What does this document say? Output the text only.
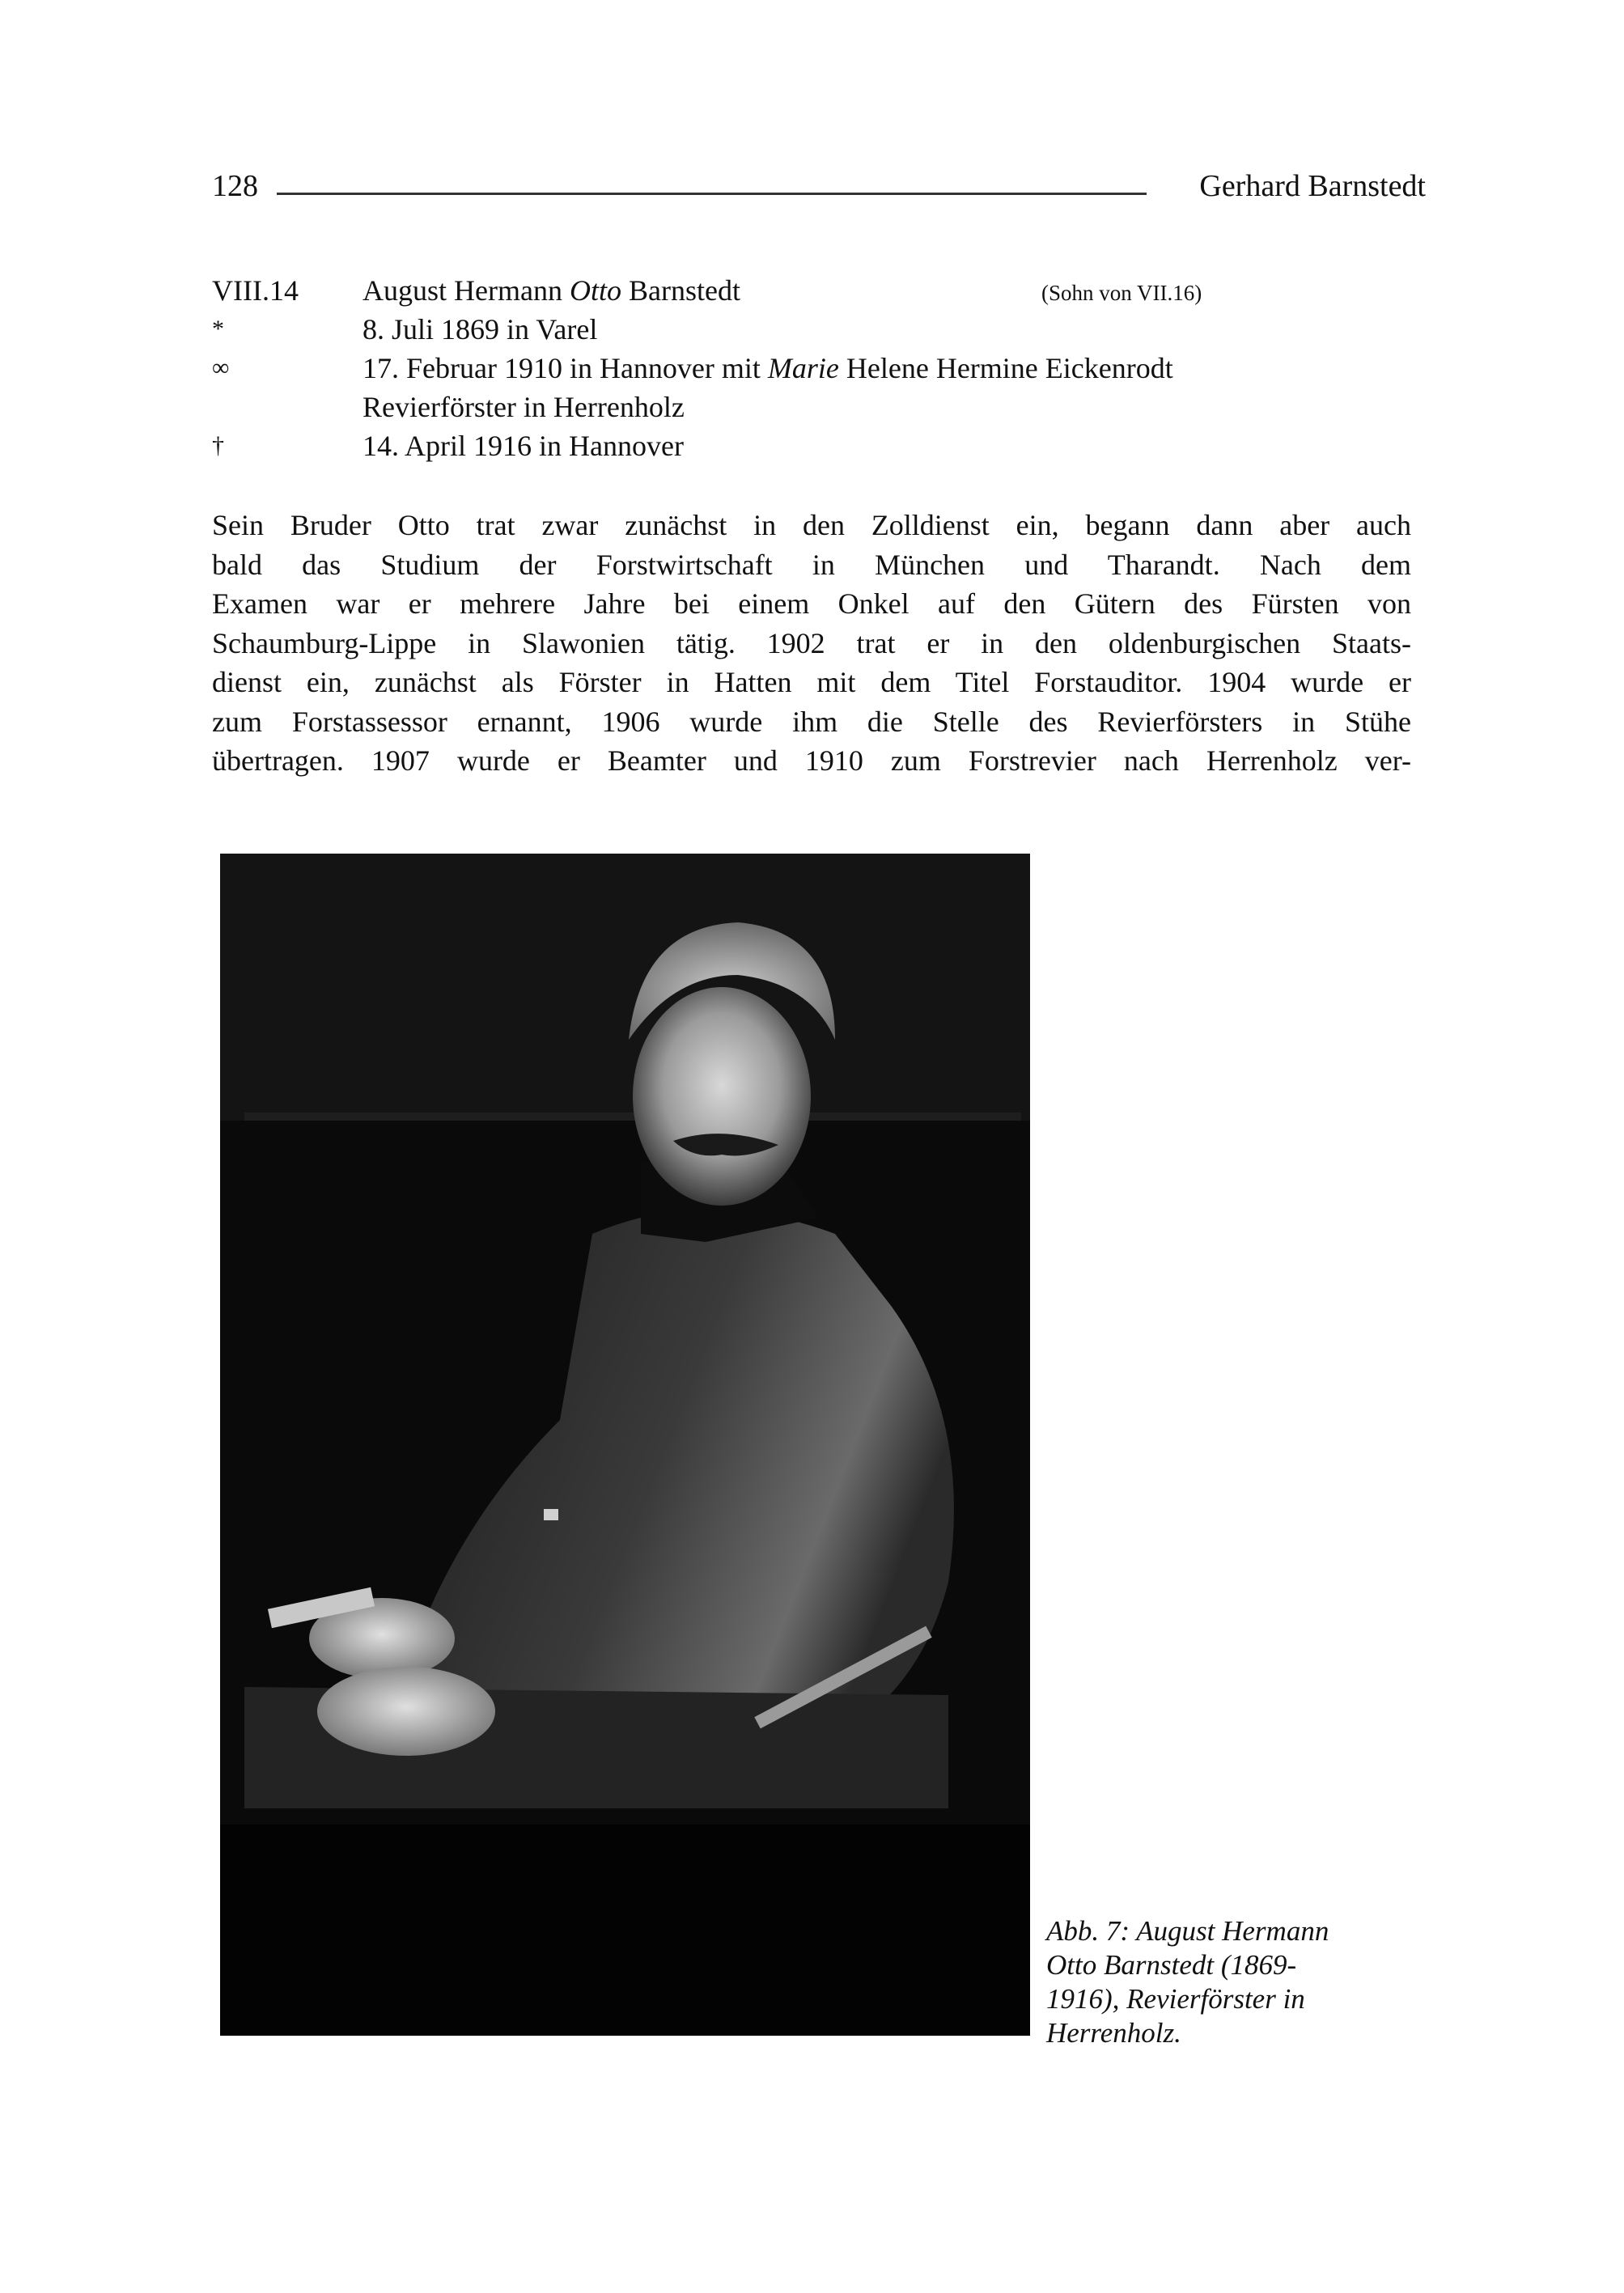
128	Gerhard Barnstedt
VIII.14 August Hermann Otto Barnstedt	(Sohn von VII.16)
*	8. Juli 1869 in Varel
∞	17. Februar 1910 in Hannover mit Marie Helene Hermine Eickenrodt
Revierförster in Herrenholz
†	14. April 1916 in Hannover
Sein Bruder Otto trat zwar zunächst in den Zolldienst ein, begann dann aber auch
bald das Studium der Forstwirtschaft in München und Tharandt. Nach dem
Examen war er mehrere Jahre bei einem Onkel auf den Gütern des Fürsten von
Schaumburg-Lippe in Slawonien tätig. 1902 trat er in den oldenburgischen Staats-
dienst ein, zunächst als Förster in Hatten mit dem Titel Forstauditor. 1904 wurde er
zum Forstassessor ernannt, 1906 wurde ihm die Stelle des Revierförsters in Stühe
übertragen. 1907 wurde er Beamter und 1910 zum Forstrevier nach Herrenholz ver-
Abb. 7: August Hermann
Otto Barnstedt (1869-
1916), Revierförster in
Herrenholz.
